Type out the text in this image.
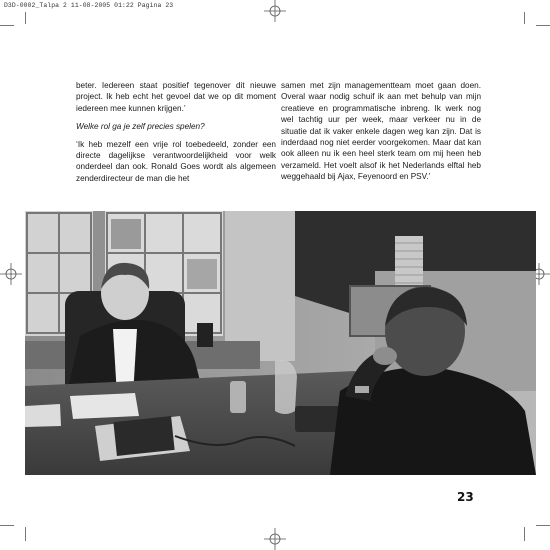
D3D-0002_Talpa 2 11-08-2005 01:22 Pagina 23

beter. Iedereen staat positief tegenover dit nieuwe project. Ik heb echt het gevoel dat we op dit moment iedereen mee kunnen krijgen.’

Welke rol ga je zelf precies spelen?

‘Ik heb mezelf een vrije rol toebedeeld, zonder een directe dagelijkse verantwoordelijkheid voor welk onderdeel dan ook. Ronald Goes wordt als algemeen zenderdirecteur de man die het

samen met zijn managementteam moet gaan doen. Overal waar nodig schuif ik aan met behulp van mijn creatieve en programmatische inbreng. Ik werk nog wel tachtig uur per week, maar verkeer nu in de situatie dat ik vaker enkele dagen weg kan zijn. Dat is inderdaad nog niet eerder voorgekomen. Maar dat kan ook alleen nu ik een heel sterk team om mij heen heb verzameld. Het voelt alsof ik het Nederlands elftal heb weggehaald bij Ajax, Feyenoord en PSV.’

23
